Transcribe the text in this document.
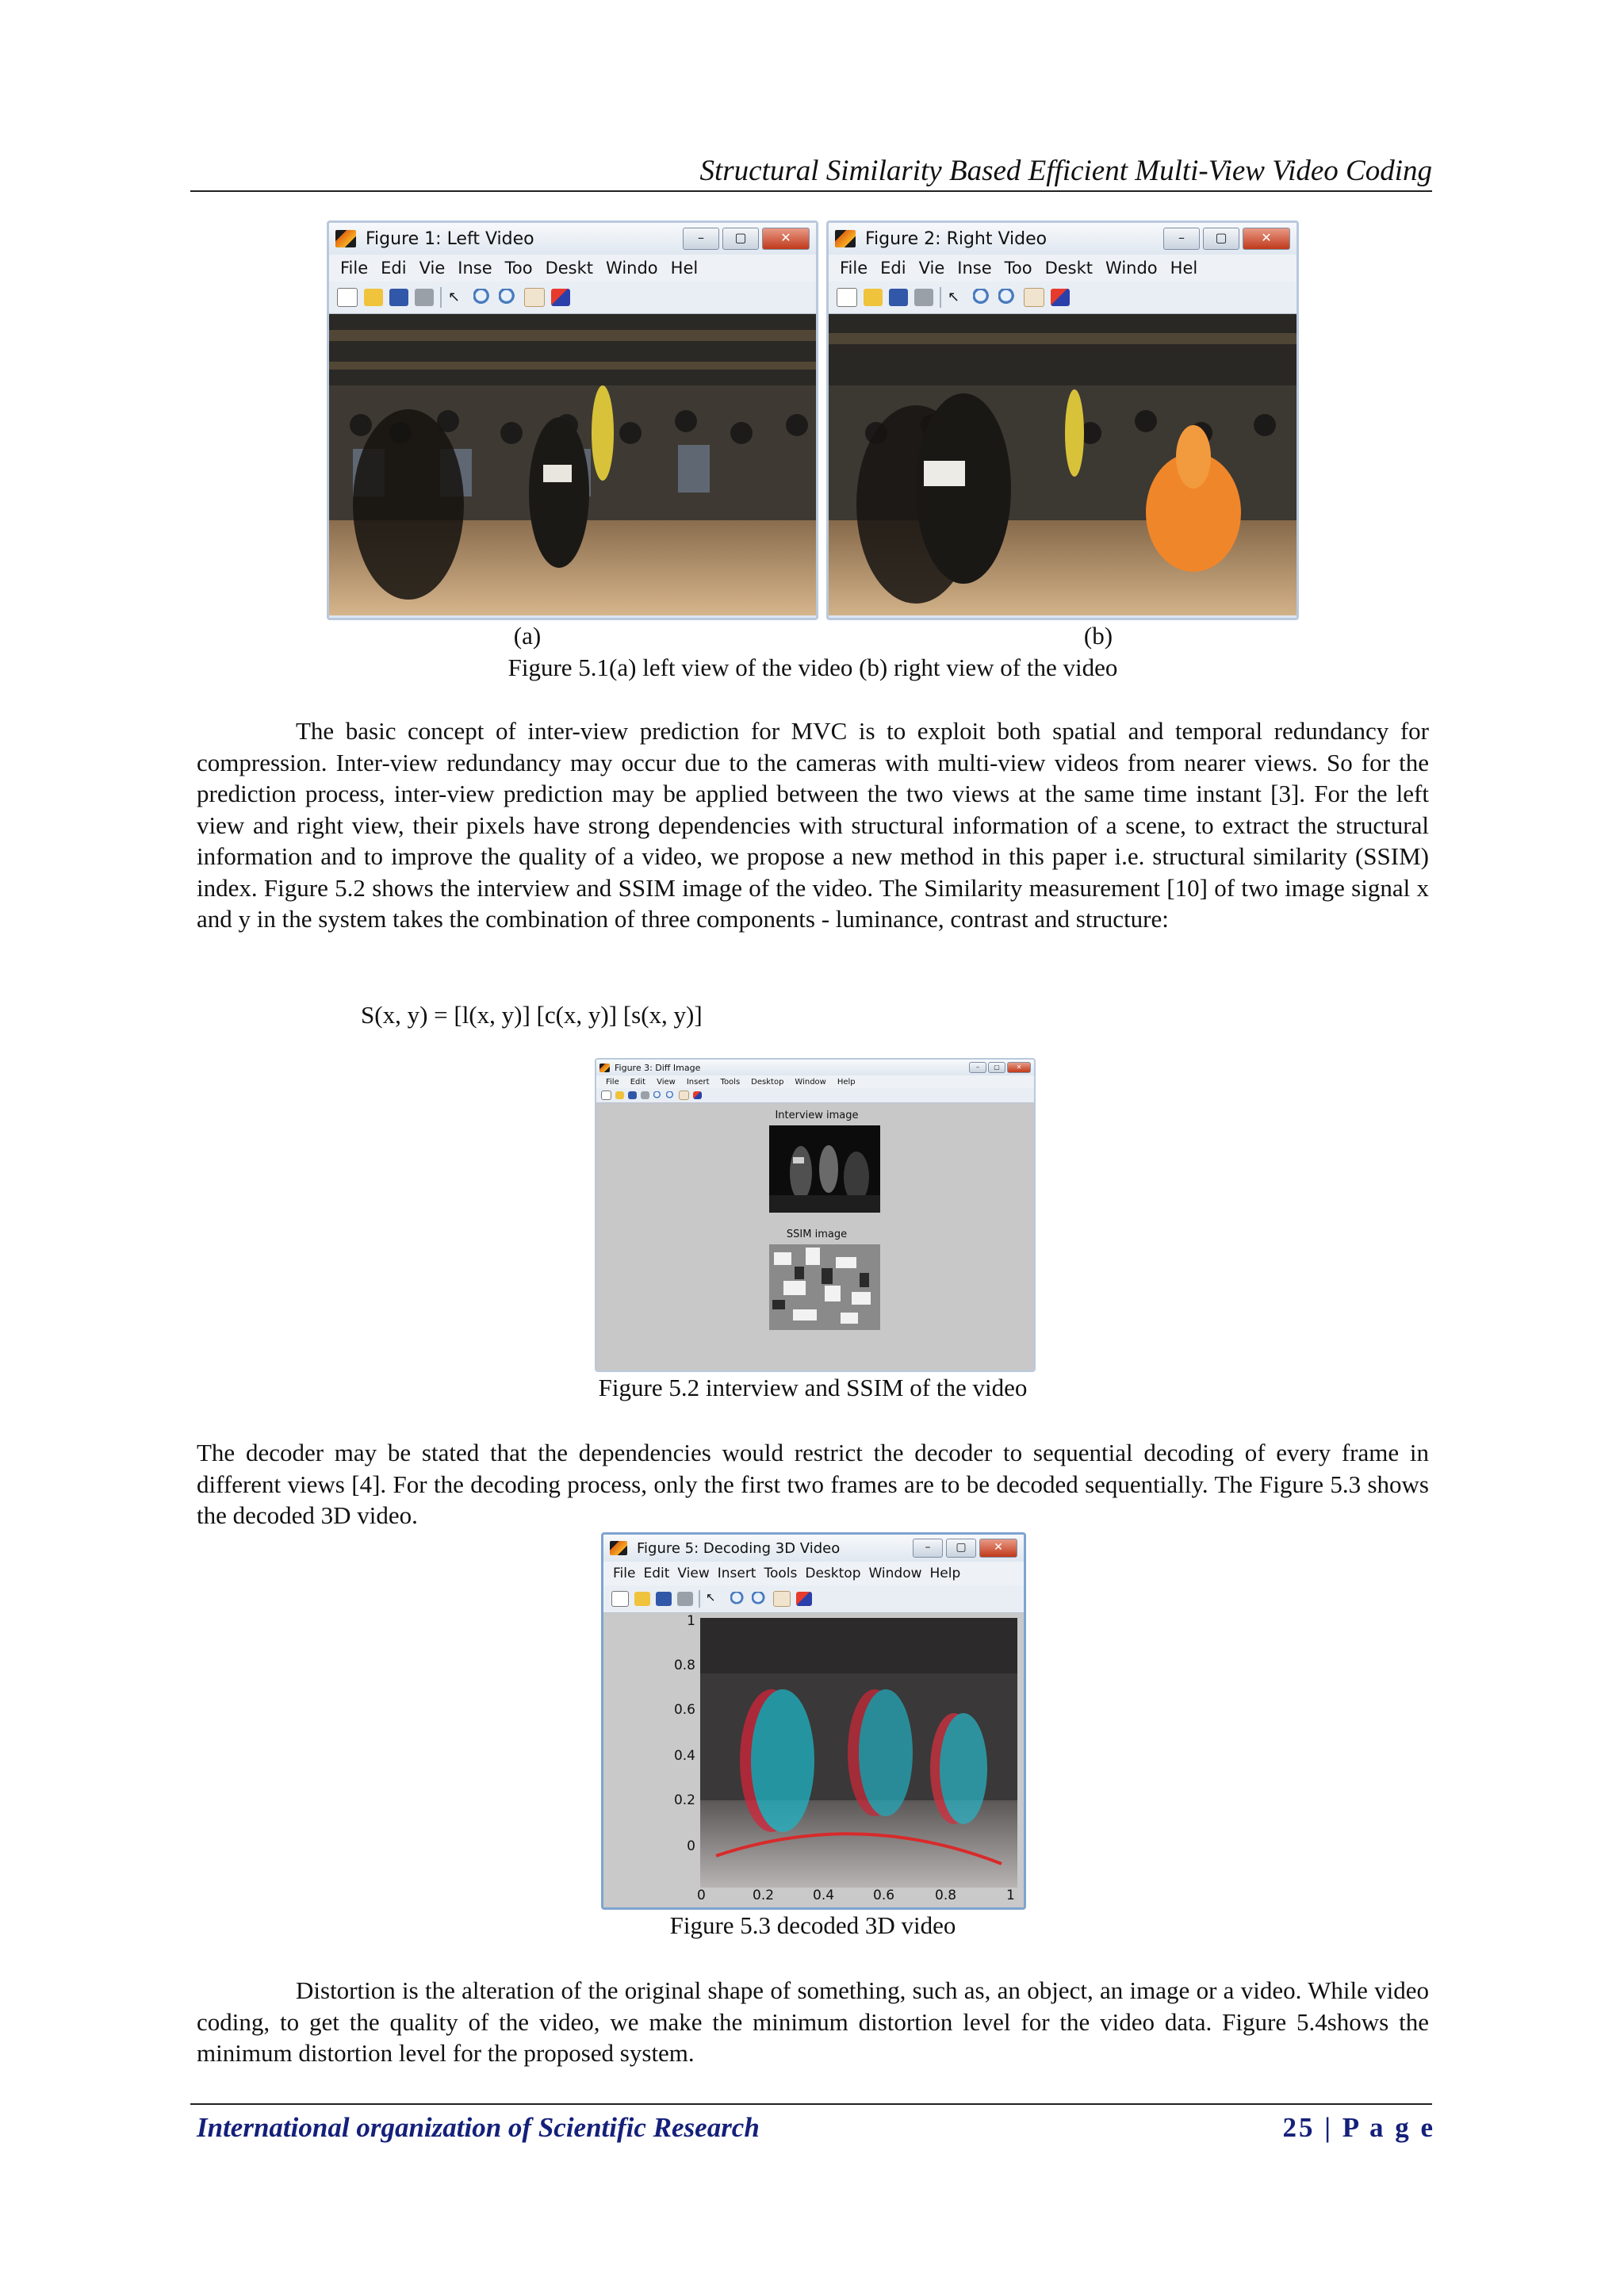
Structural Similarity Based Efficient Multi-View Video Coding
Figure 1: Left Video	–	▢	✕
File Edi Vie Inse Too Deskt Windo Hel
↖
Figure 2: Right Video	–	▢	✕
File Edi Vie Inse Too Deskt Windo Hel
↖
(a)	(b)
Figure 5.1(a) left view of the video (b) right view of the video

The basic concept of inter-view prediction for MVC is to exploit both spatial and temporal redundancy for compression. Inter-view redundancy may occur due to the cameras with multi-view videos from nearer views. So for the prediction process, inter-view prediction may be applied between the two views at the same time instant [3]. For the left view and right view, their pixels have strong dependencies with structural information of a scene, to extract the structural information and to improve the quality of a video, we propose a new method in this paper i.e. structural similarity (SSIM) index. Figure 5.2 shows the interview and SSIM image of the video. The Similarity measurement [10] of two image signal x and y in the system takes the combination of three components - luminance, contrast and structure:

S(x, y) = [l(x, y)] [c(x, y)] [s(x, y)]
Figure 3: Diff Image	–	▢	✕
File Edit View Insert Tools Desktop Window Help
Interview image
SSIM image
Figure 5.2 interview and SSIM of the video

The decoder may be stated that the dependencies would restrict the decoder to sequential decoding of every frame in different views [4]. For the decoding process, only the first two frames are to be decoded sequentially. The Figure 5.3 shows the decoded 3D video.

Figure 5: Decoding 3D Video	–	▢	✕
File Edit View Insert Tools Desktop Window Help
↖
1
0.8
0.6
0.4
0.2
0
0	0.2	0.4	0.6	0.8	1
Figure 5.3 decoded 3D video

Distortion is the alteration of the original shape of something, such as, an object, an image or a video. While video coding, to get the quality of the video, we make the minimum distortion level for the video data. Figure 5.4shows the minimum distortion level for the proposed system.

International organization of Scientific Research	25 | P a g e
